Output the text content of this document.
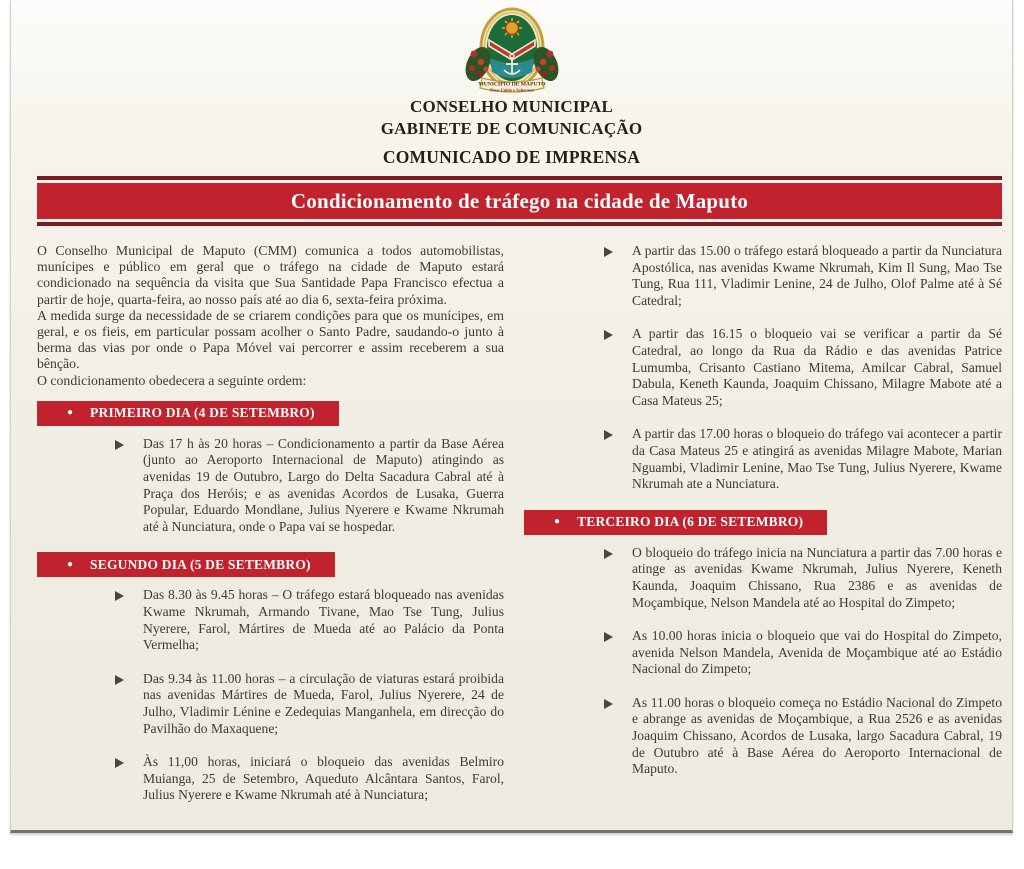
MUNICÍPIO DE MAPUTO
Povo Unido e Soberano
CONSELHO MUNICIPAL
GABINETE DE COMUNICAÇÃO
COMUNICADO DE IMPRENSA
Condicionamento de tráfego na cidade de Maputo

O Conselho Municipal de Maputo (CMM) comunica a todos automobilistas, munícipes e público em geral que o tráfego na cidade de Maputo estará condicionado na sequência da visita que Sua Santidade Papa Francisco efectua a partir de hoje, quarta-feira, ao nosso país até ao dia 6, sexta-feira próxima.

A medida surge da necessidade de se criarem condições para que os munícipes, em geral, e os fieis, em particular possam acolher o Santo Padre, saudando-o junto à berma das vias por onde o Papa Móvel vai percorrer e assim receberem a sua bênção.

O condicionamento obedecera a seguinte ordem:

● PRIMEIRO DIA (4 DE SETEMBRO)

Das 17 h às 20 horas – Condicionamento a partir da Base Aérea (junto ao Aeroporto Internacional de Maputo) atingindo as avenidas 19 de Outubro, Largo do Delta Sacadura Cabral até à Praça dos Heróis; e as avenidas Acordos de Lusaka, Guerra Popular, Eduardo Mondlane, Julius Nyerere e Kwame Nkrumah até à Nunciatura, onde o Papa vai se hospedar.

● SEGUNDO DIA (5 DE SETEMBRO)

Das 8.30 às 9.45 horas – O tráfego estará bloqueado nas avenidas Kwame Nkrumah, Armando Tivane, Mao Tse Tung, Julius Nyerere, Farol, Mártires de Mueda até ao Palácio da Ponta Vermelha;

Das 9.34 às 11.00 horas – a circulação de viaturas estará proibida nas avenidas Mártires de Mueda, Farol, Julius Nyerere, 24 de Julho, Vladimir Lénine e Zedequias Manganhela, em direcção do Pavilhão do Maxaquene;

Às 11,00 horas, iniciará o bloqueio das avenidas Belmiro Muianga, 25 de Setembro, Aqueduto Alcântara Santos, Farol, Julius Nyerere e Kwame Nkrumah até à Nunciatura;

A partir das 15.00 o tráfego estará bloqueado a partir da Nunciatura Apostólica, nas avenidas Kwame Nkrumah, Kim Il Sung, Mao Tse Tung, Rua 111, Vladimir Lenine, 24 de Julho, Olof Palme até à Sé Catedral;

A partir das 16.15 o bloqueio vai se verificar a partir da Sé Catedral, ao longo da Rua da Rádio e das avenidas Patrice Lumumba, Crisanto Castiano Mitema, Amilcar Cabral, Samuel Dabula, Keneth Kaunda, Joaquim Chissano, Milagre Mabote até a Casa Mateus 25;

A partir das 17.00 horas o bloqueio do tráfego vai acontecer a partir da Casa Mateus 25 e atingirá as avenidas Milagre Mabote, Marian Nguambi, Vladimir Lenine, Mao Tse Tung, Julius Nyerere, Kwame Nkrumah ate a Nunciatura.

● TERCEIRO DIA (6 DE SETEMBRO)

O bloqueio do tráfego inicia na Nunciatura a partir das 7.00 horas e atinge as avenidas Kwame Nkrumah, Julius Nyerere, Keneth Kaunda, Joaquim Chissano, Rua 2386 e as avenidas de Moçambique, Nelson Mandela até ao Hospital do Zimpeto;

As 10.00 horas inicia o bloqueio que vai do Hospital do Zimpeto, avenida Nelson Mandela, Avenida de Moçambique até ao Estádio Nacional do Zimpeto;

As 11.00 horas o bloqueio começa no Estádio Nacional do Zimpeto e abrange as avenidas de Moçambique, a Rua 2526 e as avenidas Joaquim Chissano, Acordos de Lusaka, largo Sacadura Cabral, 19 de Outubro até à Base Aérea do Aeroporto Internacional de Maputo.
